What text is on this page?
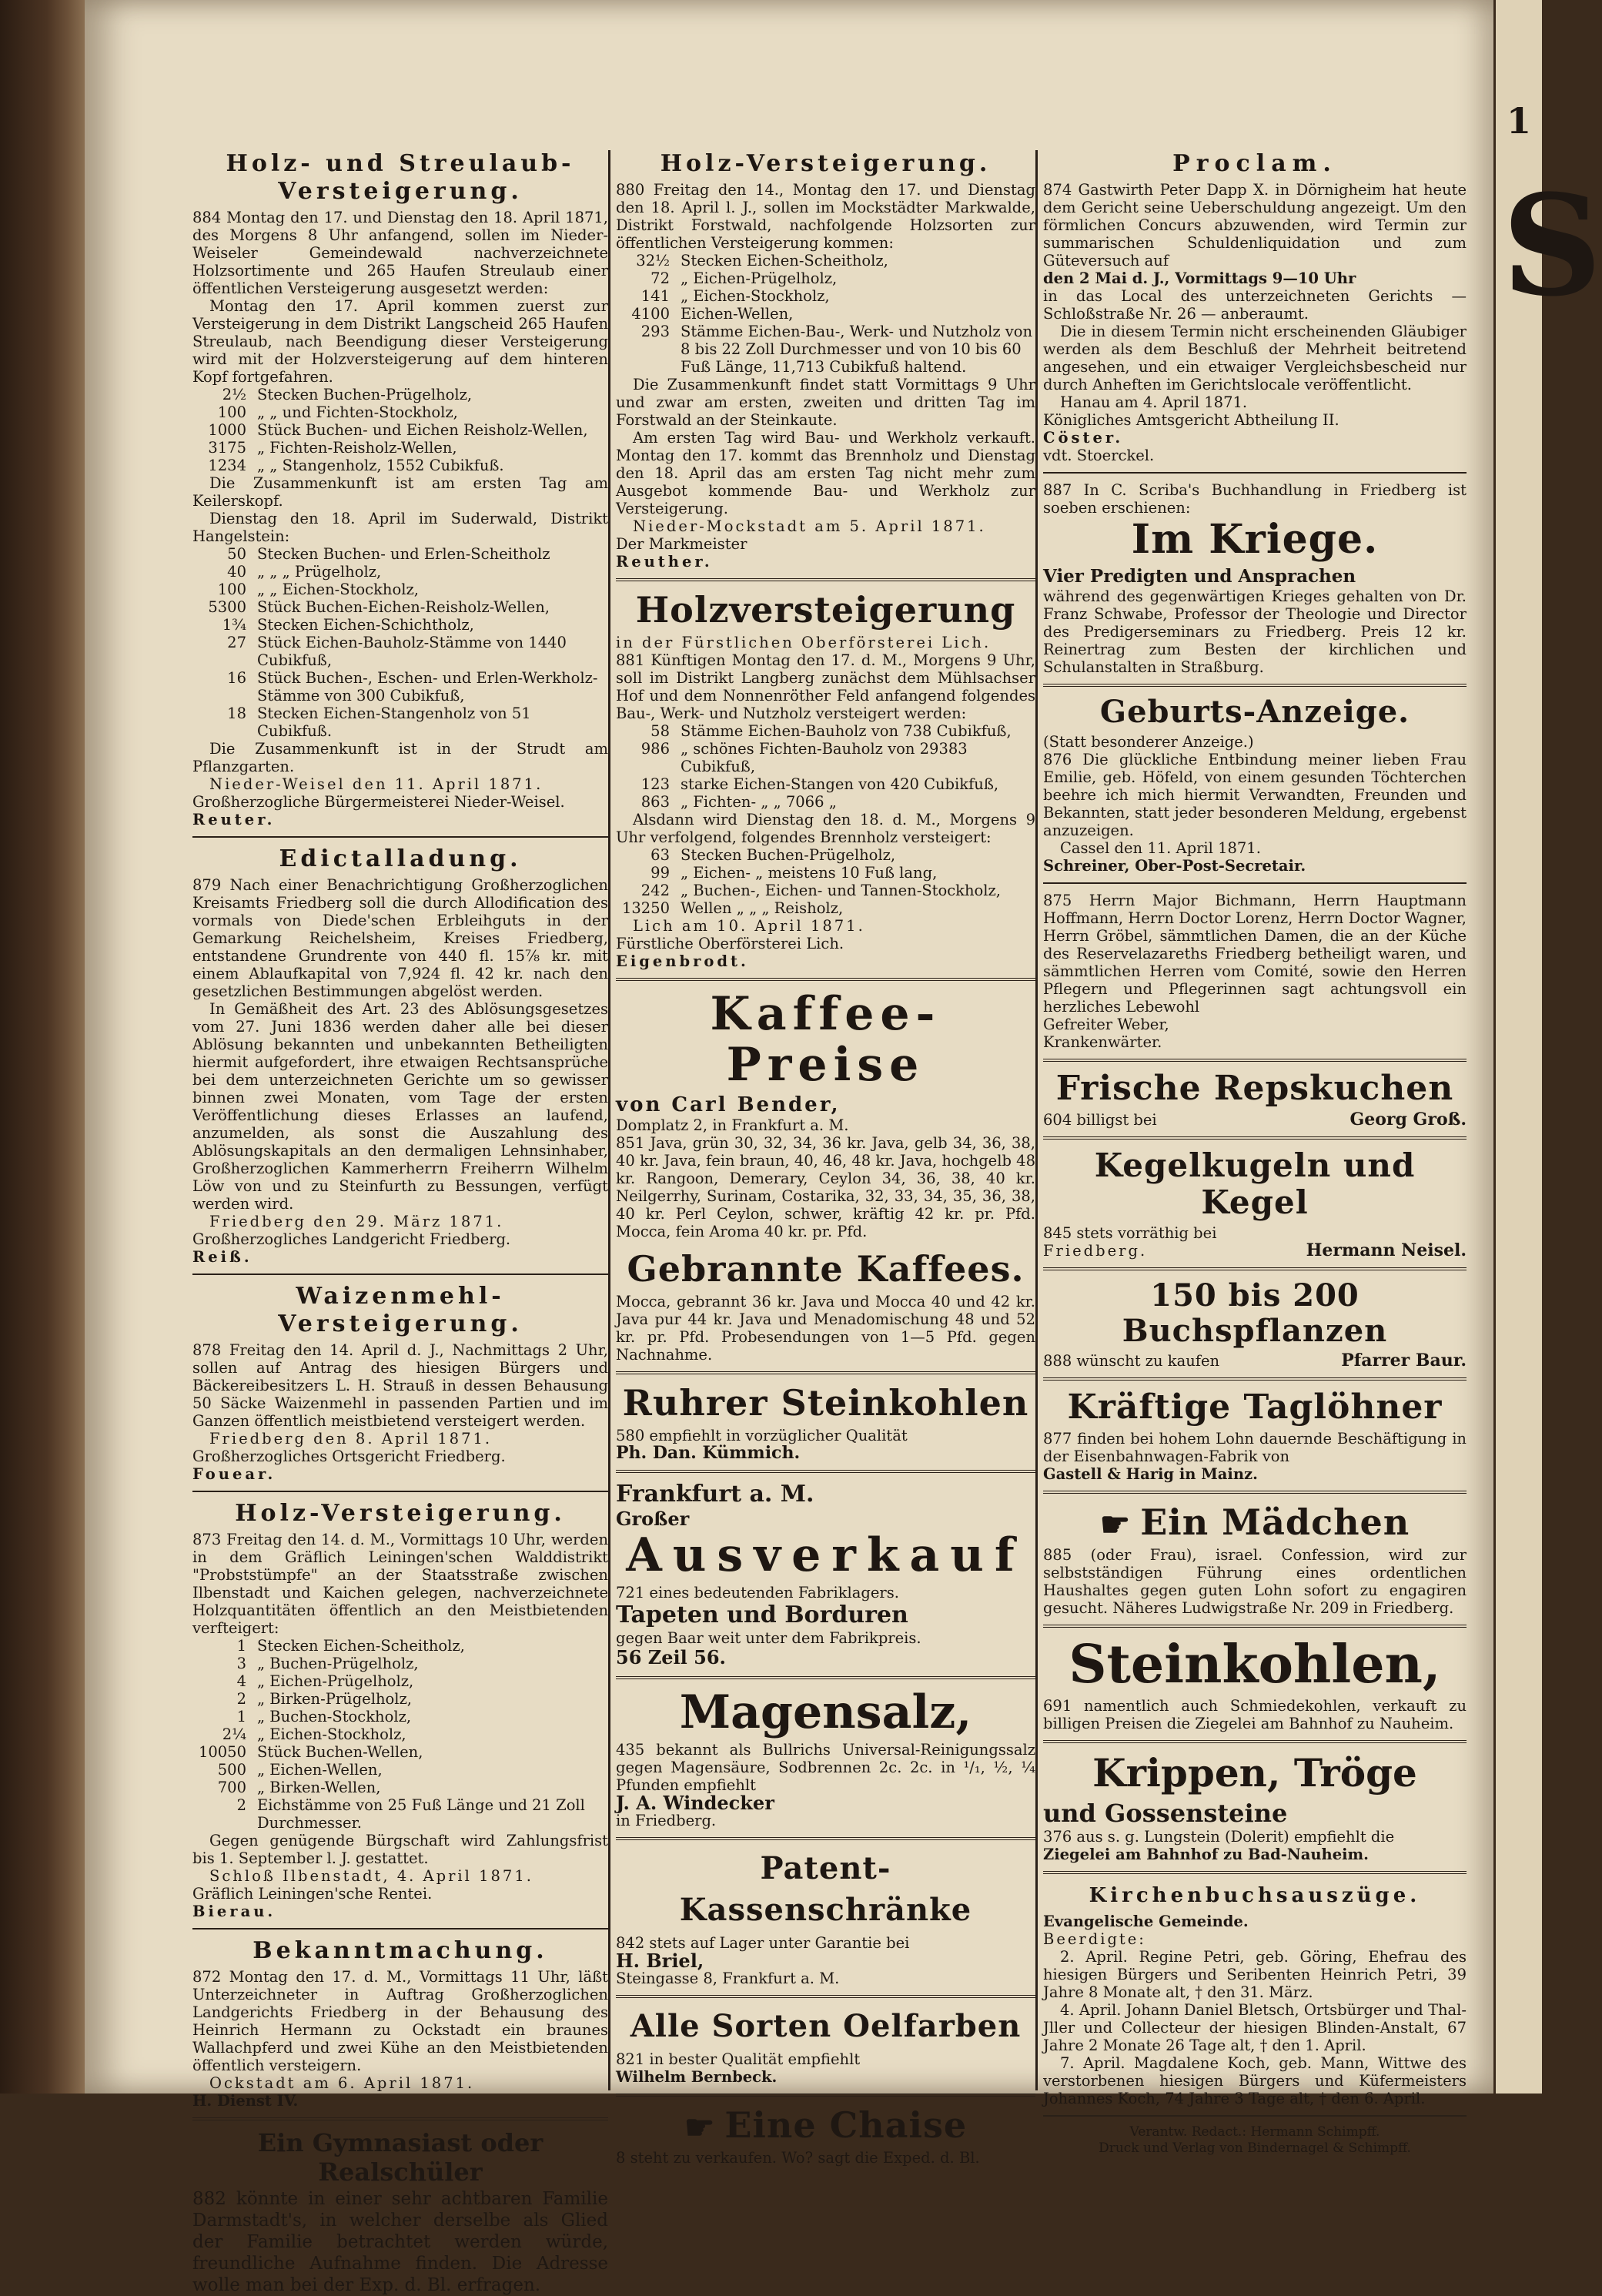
1
S
Holz- und Streulaub-Versteigerung.

884 Montag den 17. und Dienstag den 18. April 1871, des Morgens 8 Uhr anfangend, sollen im Nieder-Weiseler Gemeindewald nachverzeichnete Holzsortimente und 265 Haufen Streulaub einer öffentlichen Versteigerung ausgesetzt werden:

Montag den 17. April kommen zuerst zur Versteigerung in dem Distrikt Langscheid 265 Haufen Streulaub, nach Beendigung dieser Versteigerung wird mit der Holzversteigerung auf dem hinteren Kopf fortgefahren.

2½ Stecken Buchen-Prügelholz,
100 „ „ und Fichten-Stockholz,
1000 Stück Buchen- und Eichen Reisholz-Wellen,
3175 „ Fichten-Reisholz-Wellen,
1234 „ „ Stangenholz, 1552 Cubikfuß.

Die Zusammenkunft ist am ersten Tag am Keilerskopf.

Dienstag den 18. April im Suderwald, Distrikt Hangelstein:

50 Stecken Buchen- und Erlen-Scheitholz
40 „ „ „ Prügelholz,
100 „ „ Eichen-Stockholz,
5300 Stück Buchen-Eichen-Reisholz-Wellen,
1¾ Stecken Eichen-Schichtholz,
27 Stück Eichen-Bauholz-Stämme von 1440 Cubikfuß,
16 Stück Buchen-, Eschen- und Erlen-Werkholz-Stämme von 300 Cubikfuß,
18 Stecken Eichen-Stangenholz von 51 Cubikfuß.

Die Zusammenkunft ist in der Strudt am Pflanzgarten.

Nieder-Weisel den 11. April 1871.

Großherzogliche Bürgermeisterei Nieder-Weisel.

Reuter.

Edictalladung.

879 Nach einer Benachrichtigung Großherzoglichen Kreisamts Friedberg soll die durch Allodification des vormals von Diede'schen Erbleihguts in der Gemarkung Reichelsheim, Kreises Friedberg, entstandene Grundrente von 440 fl. 15⅞ kr. mit einem Ablaufkapital von 7,924 fl. 42 kr. nach den gesetzlichen Bestimmungen abgelöst werden.

In Gemäßheit des Art. 23 des Ablösungsgesetzes vom 27. Juni 1836 werden daher alle bei dieser Ablösung bekannten und unbekannten Betheiligten hiermit aufgefordert, ihre etwaigen Rechtsansprüche bei dem unterzeichneten Gerichte um so gewisser binnen zwei Monaten, vom Tage der ersten Veröffentlichung dieses Erlasses an laufend, anzumelden, als sonst die Auszahlung des Ablösungskapitals an den dermaligen Lehnsinhaber, Großherzoglichen Kammerherrn Freiherrn Wilhelm Löw von und zu Steinfurth zu Bessungen, verfügt werden wird.

Friedberg den 29. März 1871.

Großherzogliches Landgericht Friedberg.

Reiß.

Waizenmehl-Versteigerung.

878 Freitag den 14. April d. J., Nachmittags 2 Uhr, sollen auf Antrag des hiesigen Bürgers und Bäckereibesitzers L. H. Strauß in dessen Behausung 50 Säcke Waizenmehl in passenden Partien und im Ganzen öffentlich meistbietend versteigert werden.

Friedberg den 8. April 1871.

Großherzogliches Ortsgericht Friedberg.

Fouear.

Holz-Versteigerung.

873 Freitag den 14. d. M., Vormittags 10 Uhr, werden in dem Gräflich Leiningen'schen Walddistrikt "Probststümpfe" an der Staatsstraße zwischen Ilbenstadt und Kaichen gelegen, nachverzeichnete Holzquantitäten öffentlich an den Meistbietenden verfteigert:

1 Stecken Eichen-Scheitholz,
3 „ Buchen-Prügelholz,
4 „ Eichen-Prügelholz,
2 „ Birken-Prügelholz,
1 „ Buchen-Stockholz,
2¼ „ Eichen-Stockholz,
10050 Stück Buchen-Wellen,
500 „ Eichen-Wellen,
700 „ Birken-Wellen,
2 Eichstämme von 25 Fuß Länge und 21 Zoll Durchmesser.

Gegen genügende Bürgschaft wird Zahlungsfrist bis 1. September l. J. gestattet.

Schloß Ilbenstadt, 4. April 1871.

Gräflich Leiningen'sche Rentei.

Bierau.

Bekanntmachung.

872 Montag den 17. d. M., Vormittags 11 Uhr, läßt Unterzeichneter in Auftrag Großherzoglichen Landgerichts Friedberg in der Behausung des Heinrich Hermann zu Ockstadt ein braunes Wallachpferd und zwei Kühe an den Meistbietenden öffentlich versteigern.

Ockstadt am 6. April 1871.

H. Dienst IV.

Ein Gymnasiast oder Realschüler

882 könnte in einer sehr achtbaren Familie Darmstadt's, in welcher derselbe als Glied der Familie betrachtet werden würde, freundliche Aufnahme finden. Die Adresse wolle man bei der Exp. d. Bl. erfragen.

Holz-Versteigerung.

880 Freitag den 14., Montag den 17. und Dienstag den 18. April l. J., sollen im Mockstädter Markwalde, Distrikt Forstwald, nachfolgende Holzsorten zur öffentlichen Versteigerung kommen:

32½ Stecken Eichen-Scheitholz,
72 „ Eichen-Prügelholz,
141 „ Eichen-Stockholz,
4100 Eichen-Wellen,
293 Stämme Eichen-Bau-, Werk- und Nutzholz von 8 bis 22 Zoll Durchmesser und von 10 bis 60 Fuß Länge, 11,713 Cubikfuß haltend.

Die Zusammenkunft findet statt Vormittags 9 Uhr und zwar am ersten, zweiten und dritten Tag im Forstwald an der Steinkaute.

Am ersten Tag wird Bau- und Werkholz verkauft. Montag den 17. kommt das Brennholz und Dienstag den 18. April das am ersten Tag nicht mehr zum Ausgebot kommende Bau- und Werkholz zur Versteigerung.

Nieder-Mockstadt am 5. April 1871.

Der Markmeister

Reuther.

Holzversteigerung

in der Fürstlichen Oberförsterei Lich.

881 Künftigen Montag den 17. d. M., Morgens 9 Uhr, soll im Distrikt Langberg zunächst dem Mühlsachser Hof und dem Nonnenröther Feld anfangend folgendes Bau-, Werk- und Nutzholz versteigert werden:

58 Stämme Eichen-Bauholz von 738 Cubikfuß,
986 „ schönes Fichten-Bauholz von 29383 Cubikfuß,
123 starke Eichen-Stangen von 420 Cubikfuß,
863 „ Fichten- „ „ 7066 „

Alsdann wird Dienstag den 18. d. M., Morgens 9 Uhr verfolgend, folgendes Brennholz versteigert:

63 Stecken Buchen-Prügelholz,
99 „ Eichen- „ meistens 10 Fuß lang,
242 „ Buchen-, Eichen- und Tannen-Stockholz,
13250 Wellen „ „ „ Reisholz,

Lich am 10. April 1871.

Fürstliche Oberförsterei Lich.

Eigenbrodt.

Kaffee-Preise

von Carl Bender,

Domplatz 2, in Frankfurt a. M.

851 Java, grün 30, 32, 34, 36 kr. Java, gelb 34, 36, 38, 40 kr. Java, fein braun, 40, 46, 48 kr. Java, hochgelb 48 kr. Rangoon, Demerary, Ceylon 34, 36, 38, 40 kr. Neilgerrhy, Surinam, Costarika, 32, 33, 34, 35, 36, 38, 40 kr. Perl Ceylon, schwer, kräftig 42 kr. pr. Pfd. Mocca, fein Aroma 40 kr. pr. Pfd.

Gebrannte Kaffees.

Mocca, gebrannt 36 kr. Java und Mocca 40 und 42 kr. Java pur 44 kr. Java und Menadomischung 48 und 52 kr. pr. Pfd. Probesendungen von 1—5 Pfd. gegen Nachnahme.

Ruhrer Steinkohlen

580 empfiehlt in vorzüglicher Qualität

Ph. Dan. Kümmich.

Frankfurt a. M.

Großer

Ausverkauf

721 eines bedeutenden Fabriklagers.

Tapeten und Borduren

gegen Baar weit unter dem Fabrikpreis.

56 Zeil 56.

Magensalz,

435 bekannt als Bullrichs Universal-Reinigungssalz gegen Magensäure, Sodbrennen 2c. 2c. in ¹/₁, ½, ¼ Pfunden empfiehlt

J. A. Windecker

in Friedberg.

Patent-Kassenschränke

842 stets auf Lager unter Garantie bei

H. Briel,

Steingasse 8, Frankfurt a. M.

Alle Sorten Oelfarben

821 in bester Qualität empfiehlt

Wilhelm Bernbeck.

☛ Eine Chaise

8 steht zu verkaufen. Wo? sagt die Exped. d. Bl.

Proclam.

874 Gastwirth Peter Dapp X. in Dörnigheim hat heute dem Gericht seine Ueberschuldung angezeigt. Um den förmlichen Concurs abzuwenden, wird Termin zur summarischen Schuldenliquidation und zum Güteversuch auf

den 2 Mai d. J., Vormittags 9—10 Uhr

in das Local des unterzeichneten Gerichts — Schloßstraße Nr. 26 — anberaumt.

Die in diesem Termin nicht erscheinenden Gläubiger werden als dem Beschluß der Mehrheit beitretend angesehen, und ein etwaiger Vergleichsbescheid nur durch Anheften im Gerichtslocale veröffentlicht.

Hanau am 4. April 1871.

Königliches Amtsgericht Abtheilung II.

Cöster.

vdt. Stoerckel.

887 In C. Scriba's Buchhandlung in Friedberg ist soeben erschienen:

Im Kriege.

Vier Predigten und Ansprachen

während des gegenwärtigen Krieges gehalten von Dr. Franz Schwabe, Professor der Theologie und Director des Predigerseminars zu Friedberg. Preis 12 kr. Reinertrag zum Besten der kirchlichen und Schulanstalten in Straßburg.

Geburts-Anzeige.

(Statt besonderer Anzeige.)

876 Die glückliche Entbindung meiner lieben Frau Emilie, geb. Höfeld, von einem gesunden Töchterchen beehre ich mich hiermit Verwandten, Freunden und Bekannten, statt jeder besonderen Meldung, ergebenst anzuzeigen.

Cassel den 11. April 1871.

Schreiner, Ober-Post-Secretair.

875 Herrn Major Bichmann, Herrn Hauptmann Hoffmann, Herrn Doctor Lorenz, Herrn Doctor Wagner, Herrn Gröbel, sämmtlichen Damen, die an der Küche des Reservelazareths Friedberg betheiligt waren, und sämmtlichen Herren vom Comité, sowie den Herren Pflegern und Pflegerinnen sagt achtungsvoll ein herzliches Lebewohl

Gefreiter Weber,

Krankenwärter.

Frische Repskuchen

604 billigst bei	Georg Groß.

Kegelkugeln und Kegel

845 stets vorräthig bei

Friedberg.	Hermann Neisel.

150 bis 200 Buchspflanzen

888 wünscht zu kaufen	Pfarrer Baur.

Kräftige Taglöhner

877 finden bei hohem Lohn dauernde Beschäftigung in der Eisenbahnwagen-Fabrik von

Gastell & Harig in Mainz.

☛ Ein Mädchen

885 (oder Frau), israel. Confession, wird zur selbstständigen Führung eines ordentlichen Haushaltes gegen guten Lohn sofort zu engagiren gesucht. Näheres Ludwigstraße Nr. 209 in Friedberg.

Steinkohlen,

691 namentlich auch Schmiedekohlen, verkauft zu billigen Preisen die Ziegelei am Bahnhof zu Nauheim.

Krippen, Tröge

und Gossensteine

376 aus s. g. Lungstein (Dolerit) empfiehlt die

Ziegelei am Bahnhof zu Bad-Nauheim.

Kirchenbuchsauszüge.

Evangelische Gemeinde.

Beerdigte:

2. April. Regine Petri, geb. Göring, Ehefrau des hiesigen Bürgers und Seribenten Heinrich Petri, 39 Jahre 8 Monate alt, † den 31. März.

4. April. Johann Daniel Bletsch, Ortsbürger und Thal-Jller und Collecteur der hiesigen Blinden-Anstalt, 67 Jahre 2 Monate 26 Tage alt, † den 1. April.

7. April. Magdalene Koch, geb. Mann, Wittwe des verstorbenen hiesigen Bürgers und Küfermeisters Johannes Koch, 74 Jahre 3 Tage alt, † den 6. April.

Verantw. Redact.: Hermann Schimpff.

Druck und Verlag von Bindernagel & Schimpff.
